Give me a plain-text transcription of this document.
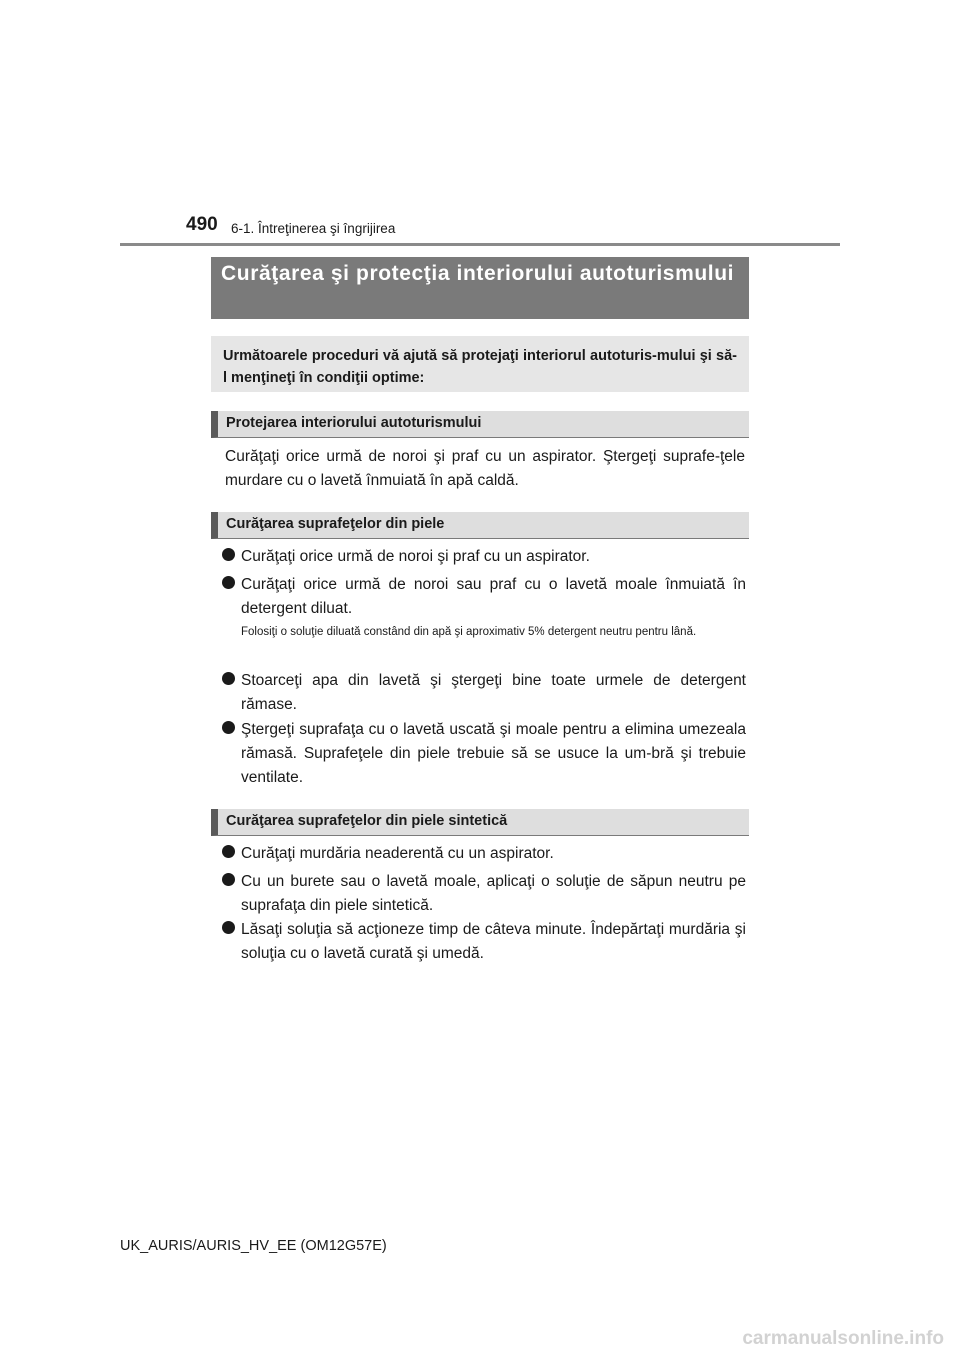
490 6-1. Întreţinerea şi îngrijirea

Curăţarea şi protecţia interiorului autoturismului

Următoarele proceduri vă ajută să protejaţi interiorul autoturis-mului şi să-l menţineţi în condiţii optime:

Protejarea interiorului autoturismului

Curăţaţi orice urmă de noroi şi praf cu un aspirator. Ştergeţi suprafe-ţele murdare cu o lavetă înmuiată în apă caldă.

Curăţarea suprafeţelor din piele

Curăţaţi orice urmă de noroi şi praf cu un aspirator.
Curăţaţi orice urmă de noroi sau praf cu o lavetă moale înmuiată în detergent diluat.
Folosiţi o soluţie diluată constând din apă şi aproximativ 5% detergent neutru pentru lână.
Stoarceţi apa din lavetă şi ştergeţi bine toate urmele de detergent rămase.
Ştergeţi suprafaţa cu o lavetă uscată şi moale pentru a elimina umezeala rămasă. Suprafeţele din piele trebuie să se usuce la um-bră şi trebuie ventilate.

Curăţarea suprafeţelor din piele sintetică

Curăţaţi murdăria neaderentă cu un aspirator.
Cu un burete sau o lavetă moale, aplicaţi o soluţie de săpun neutru pe suprafaţa din piele sintetică.
Lăsaţi soluţia să acţioneze timp de câteva minute. Îndepărtaţi murdăria şi soluţia cu o lavetă curată şi umedă.
UK_AURIS/AURIS_HV_EE (OM12G57E)
carmanualsonline.info
